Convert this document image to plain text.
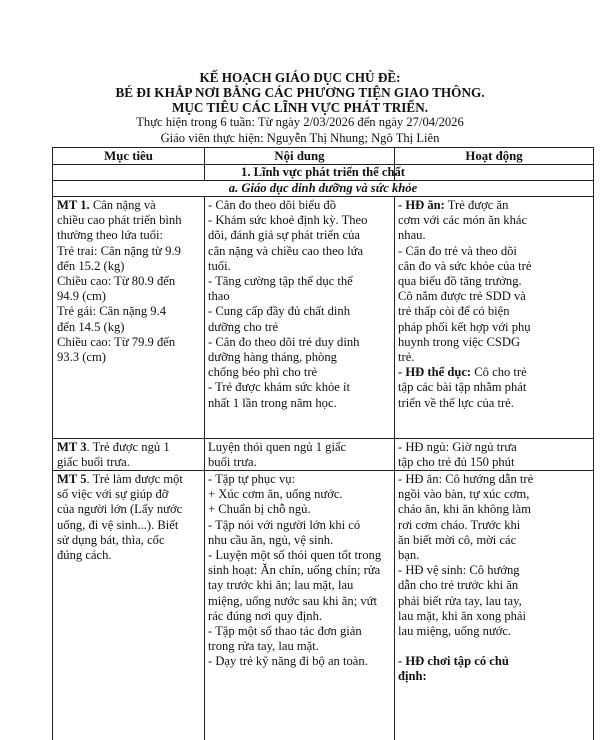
KẾ HOẠCH GIÁO DỤC CHỦ ĐỀ:
BÉ ĐI KHẮP NƠI BẰNG CÁC PHƯƠNG TIỆN GIAO THÔNG.
MỤC TIÊU CÁC LĨNH VỰC PHÁT TRIỂN.
Thực hiện trong 6 tuần: Từ ngày 2/03/2026 đến ngày 27/04/2026
Giáo viên thực hiện: Nguyễn Thị Nhung; Ngô Thị Liên
Mục tiêu	Nội dung	Hoạt động
1. Lĩnh vực phát triển thể chất
a. Giáo dục dinh dưỡng và sức khỏe

MT 1. Cân nặng và

chiều cao phát triển bình

thường theo lứa tuổi:

Trẻ trai: Cân nặng từ 9.9

đến 15.2 (kg)

Chiều cao: Từ 80.9 đến

94.9 (cm)

Trẻ gái: Cân nặng 9.4

đến 14.5 (kg)

Chiều cao: Từ 79.9 đến

93.3 (cm)

- Cân đo theo dõi biểu đồ

- Khám sức khoẻ định kỳ. Theo

dõi, đánh giá sự phát triển của

cân nặng và chiều cao theo lứa

tuổi.

- Tăng cường tập thể dục thể

thao

- Cung cấp đầy đủ chất dinh

dưỡng cho trẻ

- Cân đo theo dõi trẻ duy dinh

dưỡng hàng tháng, phòng

chống béo phì cho trẻ

- Trẻ được khám sức khỏe ít

nhất 1 lần trong năm học.

- HĐ ăn: Trẻ được ăn

cơm với các món ăn khác

nhau.

- Cân đo trẻ và theo dõi

cân đo và sức khỏe của trẻ

qua biểu đồ tăng trưởng.

Cô nắm được trẻ SDD và

trẻ thấp còi để có biện

pháp phối kết hợp với phụ

huynh trong việc CSDG

trẻ.

- HĐ thể dục: Cô cho trẻ

tập các bài tập nhằm phát

triển về thể lực của trẻ.

MT 3. Trẻ được ngủ 1

giấc buổi trưa.

Luyện thói quen ngủ 1 giấc

buổi trưa.

- HĐ ngủ: Giờ ngủ trưa

tập cho trẻ đủ 150 phút

MT 5. Trẻ làm được một

số việc với sự giúp đỡ

của người lớn (Lấy nước

uống, đi vệ sinh...). Biết

sử dụng bát, thìa, cốc

đúng cách.

- Tập tự phục vụ:

+ Xúc cơm ăn, uống nước.

+ Chuẩn bị chỗ ngủ.

- Tập nói với người lớn khi có

nhu cầu ăn, ngủ, vệ sinh.

- Luyện một số thói quen tốt trong

sinh hoạt: Ăn chín, uống chín; rửa

tay trước khi ăn; lau mặt, lau

miệng, uống nước sau khi ăn; vứt

rác đúng nơi quy định.

- Tập một số thao tác đơn giản

trong rửa tay, lau mặt.

- Dạy trẻ kỹ năng đi bộ an toàn.

- HĐ ăn: Cô hướng dẫn trẻ

ngồi vào bàn, tự xúc cơm,

cháo ăn, khi ăn không làm

rơi cơm cháo. Trước khi

ăn biết mời cô, mời các

bạn.

- HĐ vệ sinh: Cô hướng

dẫn cho trẻ trước khi ăn

phải biết rửa tay, lau tay,

lau mặt, khi ăn xong phải

lau miệng, uống nước.

- HĐ chơi tập có chủ

định:
